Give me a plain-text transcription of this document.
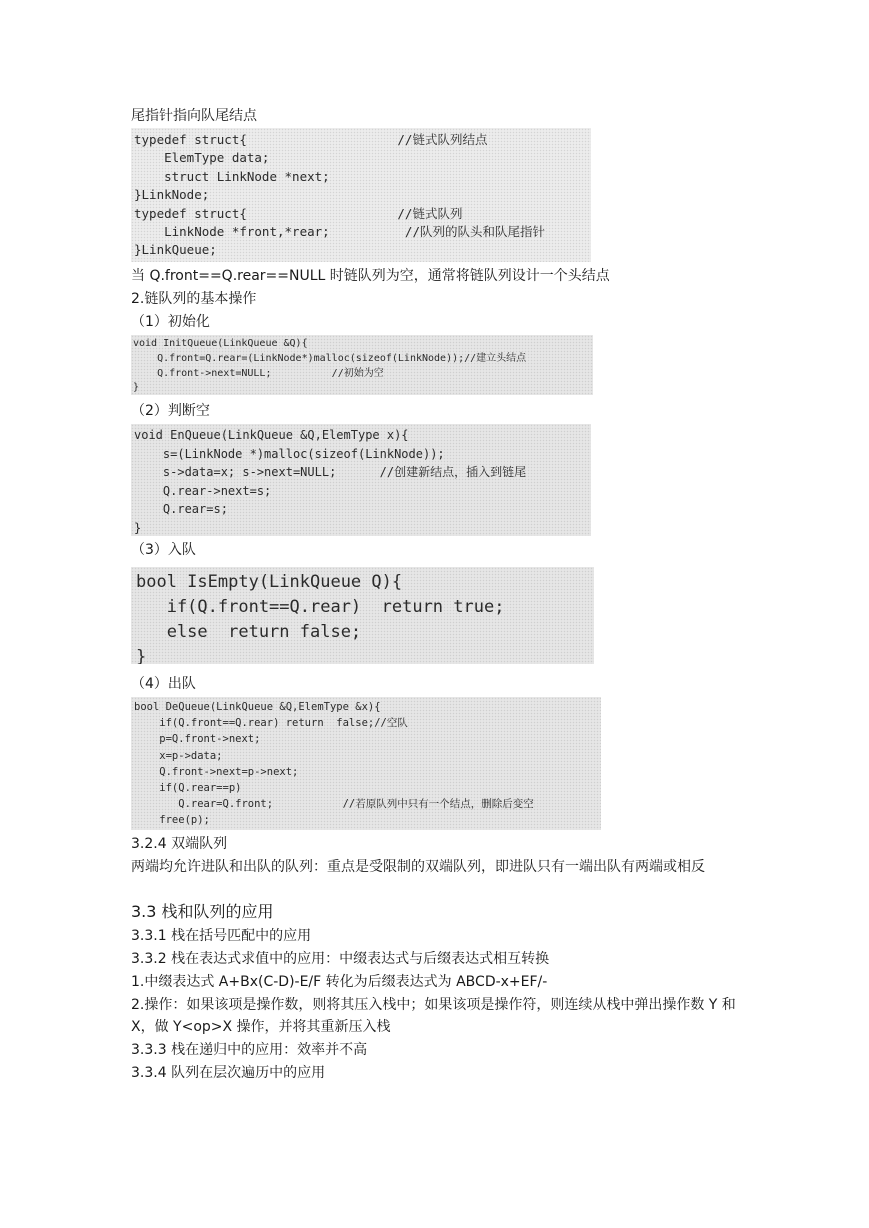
尾指针指向队尾结点

typedef struct{                    //链式队列结点
ElemType data;
struct LinkNode *next;
}LinkNode;
typedef struct{                    //链式队列
LinkNode *front,*rear;          //队列的队头和队尾指针
}LinkQueue;

当 Q.front==Q.rear==NULL 时链队列为空，通常将链队列设计一个头结点

2.链队列的基本操作

（1）初始化

void InitQueue(LinkQueue &Q){
Q.front=Q.rear=(LinkNode*)malloc(sizeof(LinkNode));//建立头结点
Q.front->next=NULL;          //初始为空
}

（2）判断空

void EnQueue(LinkQueue &Q,ElemType x){
s=(LinkNode *)malloc(sizeof(LinkNode));
s->data=x; s->next=NULL;      //创建新结点，插入到链尾
Q.rear->next=s;
Q.rear=s;
}

（3）入队

bool IsEmpty(LinkQueue Q){
if(Q.front==Q.rear)  return true;
else  return false;
}

（4）出队

bool DeQueue(LinkQueue &Q,ElemType &x){
if(Q.front==Q.rear) return  false;//空队
p=Q.front->next;
x=p->data;
Q.front->next=p->next;
if(Q.rear==p)
Q.rear=Q.front;           //若原队列中只有一个结点，删除后变空
free(p);

3.2.4 双端队列

两端均允许进队和出队的队列：重点是受限制的双端队列，即进队只有一端出队有两端或相反

3.3 栈和队列的应用

3.3.1 栈在括号匹配中的应用

3.3.2 栈在表达式求值中的应用：中缀表达式与后缀表达式相互转换

1.中缀表达式 A+Bx(C-D)-E/F 转化为后缀表达式为 ABCD-x+EF/-

2.操作：如果该项是操作数，则将其压入栈中；如果该项是操作符，则连续从栈中弹出操作数 Y 和 X，做 Y<op>X 操作，并将其重新压入栈

3.3.3 栈在递归中的应用：效率并不高

3.3.4 队列在层次遍历中的应用
